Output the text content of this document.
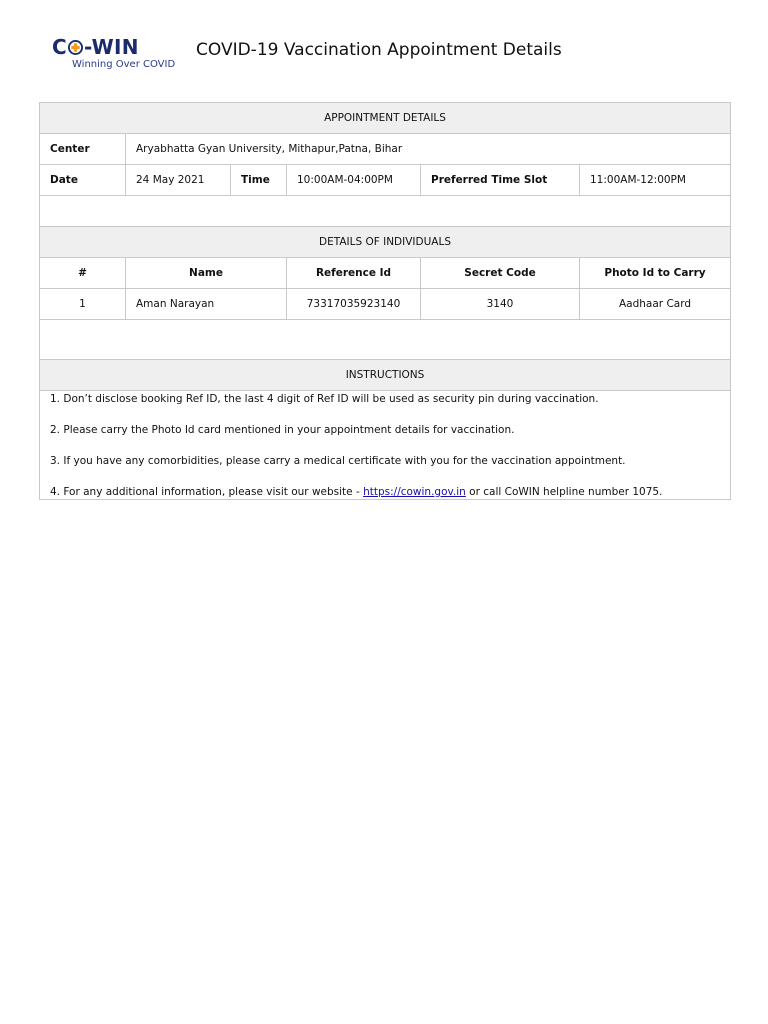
C -WIN
Winning Over COVID
COVID-19 Vaccination Appointment Details
APPOINTMENT DETAILS					
Center	Aryabhatta Gyan University, Mithapur,Patna, Bihar				
Date	24 May 2021	Time	10:00AM-04:00PM	Preferred Time Slot	11:00AM-12:00PM

DETAILS OF INDIVIDUALS					
#	Name		Reference Id	Secret Code	Photo Id to Carry
1	Aman Narayan		73317035923140	3140	Aadhaar Card

INSTRUCTIONS					

1. Don’t disclose booking Ref ID, the last 4 digit of Ref ID will be used as security pin during vaccination.

2. Please carry the Photo Id card mentioned in your appointment details for vaccination.

3. If you have any comorbidities, please carry a medical certificate with you for the vaccination appointment.

4. For any additional information, please visit our website - https://cowin.gov.in or call CoWIN helpline number 1075.					
